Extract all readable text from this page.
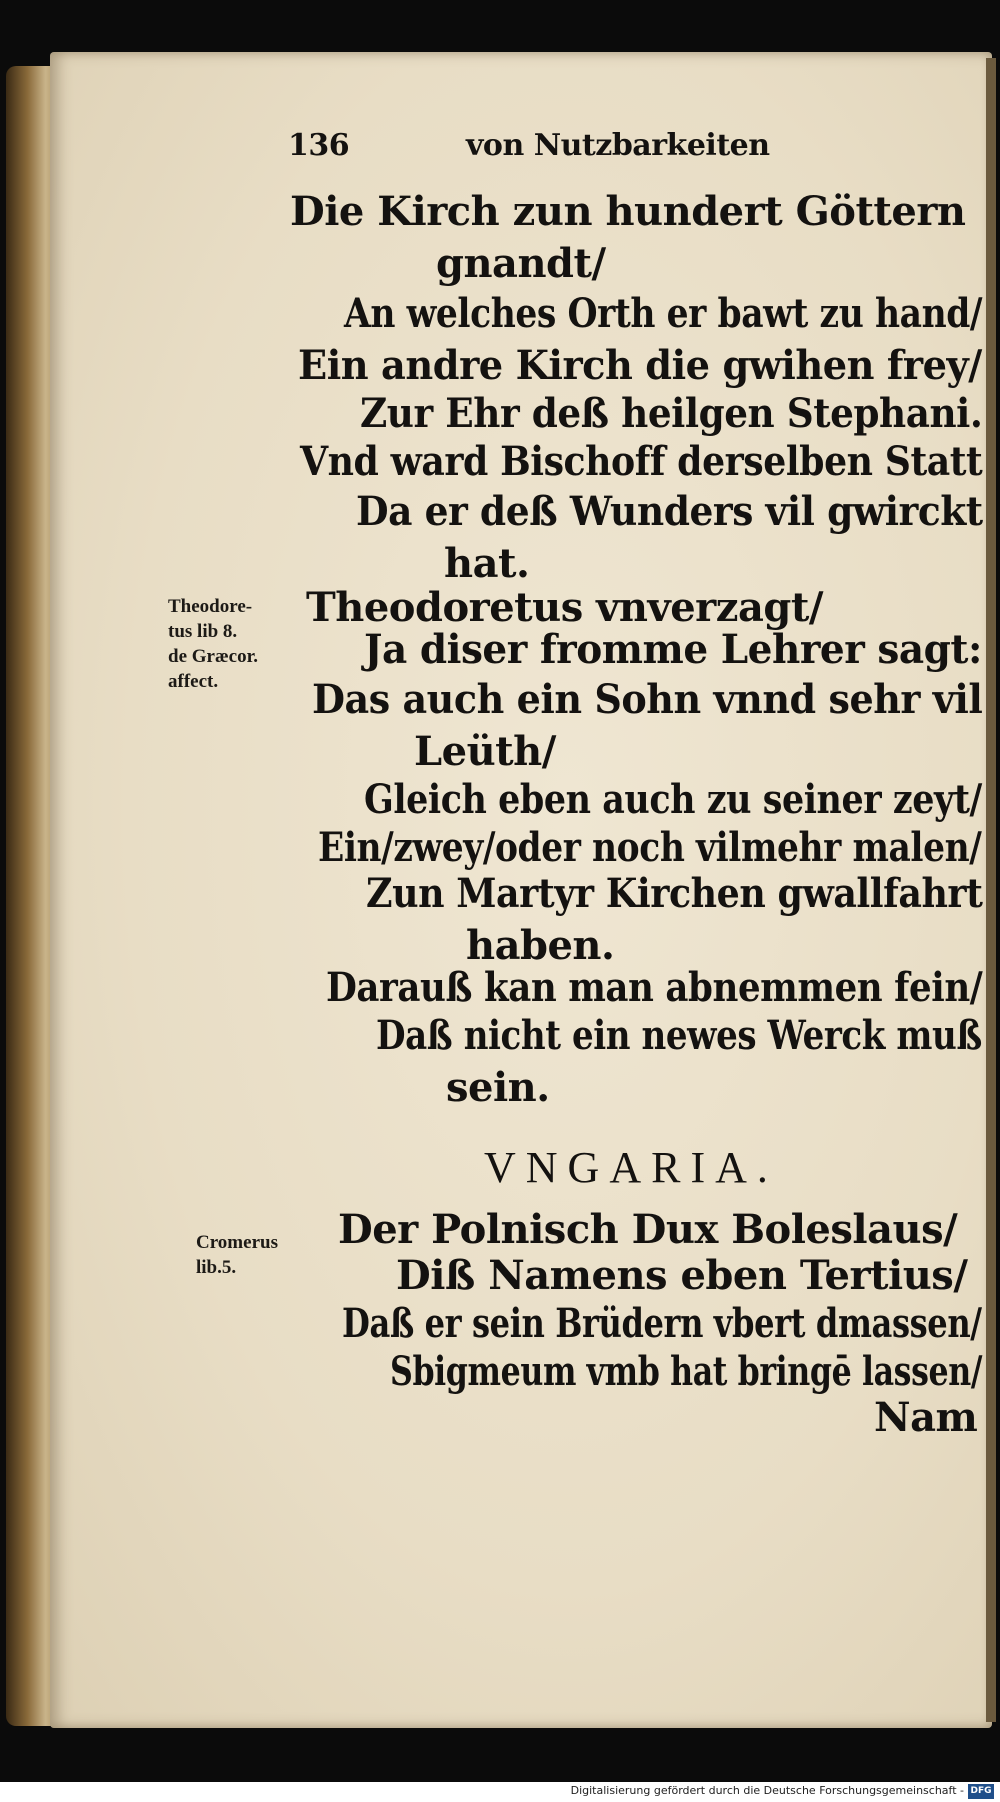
136	von Nutzbarkeiten
Die Kirch zun hundert Göttern
gnandt/
An welches Orth er bawt zu hand/
Ein andre Kirch die gwihen frey/
Zur Ehr deß heilgen Stephani.
Vnd ward Bischoff derselben Statt
Da er deß Wunders vil gwirckt
hat.
Theodoretus vnverzagt/
Ja diser fromme Lehrer sagt:
Das auch ein Sohn vnnd sehr vil
Leüth/
Gleich eben auch zu seiner zeyt/
Ein/zwey/oder noch vilmehr malen/
Zun Martyr Kirchen gwallfahrt
haben.
Darauß kan man abnemmen fein/
Daß nicht ein newes Werck muß
sein.
Theodore-
tus lib 8.
de Græcor.
affect.
VNGARIA.
Der Polnisch Dux Boleslaus/
Diß Namens eben Tertius/
Daß er sein Brüdern vbert dmassen/
Sbigmeum vmb hat bringē lassen/
Nam
Cromerus
lib.5.
Digitalisierung gefördert durch die Deutsche Forschungsgemeinschaft - DFG
